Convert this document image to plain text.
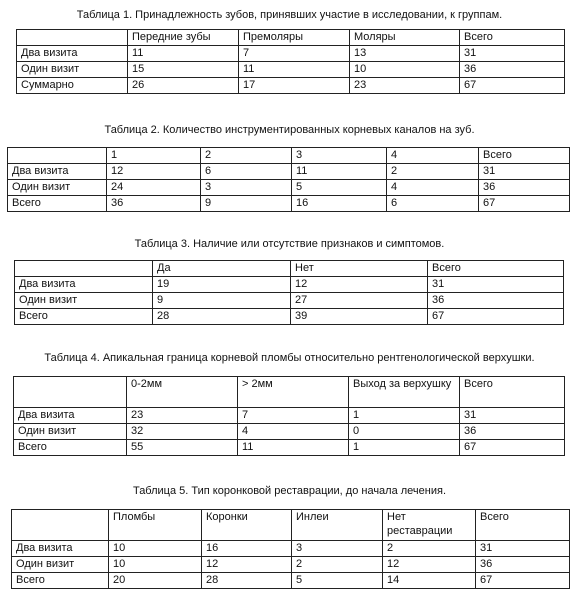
Таблица 1. Принадлежность зубов, принявших участие в исследовании, к группам.
	Передние зубы	Премоляры	Моляры	Всего
Два визита	11	7	13	31
Один визит	15	11	10	36
Суммарно	26	17	23	67
Таблица 2. Количество инструментированных корневых каналов на зуб.
	1	2	3	4	Всего
Два визита	12	6	11	2	31
Один визит	24	3	5	4	36
Всего	36	9	16	6	67
Таблица 3. Наличие или отсутствие признаков и симптомов.
	Да	Нет	Всего
Два визита	19	12	31
Один визит	9	27	36
Всего	28	39	67
Таблица 4. Апикальная граница корневой пломбы относительно рентгенологической верхушки.
	0-2мм	> 2мм	Выход за верхушку	Всего
Два визита	23	7	1	31
Один визит	32	4	0	36
Всего	55	11	1	67
Таблица 5. Тип коронковой реставрации, до начала лечения.
	Пломбы	Коронки	Инлеи	Нет реставрации	Всего
Два визита	10	16	3	2	31
Один визит	10	12	2	12	36
Всего	20	28	5	14	67
